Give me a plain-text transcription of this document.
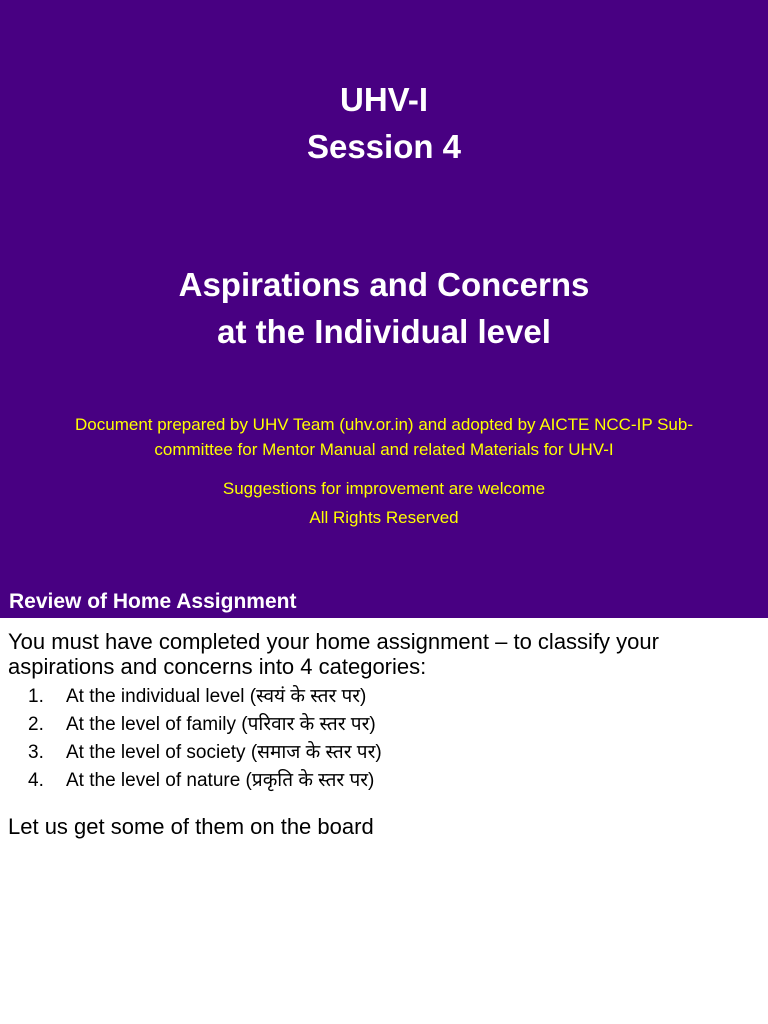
UHV-I
Session 4
Aspirations and Concerns
at the Individual level
Document prepared by UHV Team (uhv.or.in) and adopted by AICTE NCC-IP Sub-
committee for Mentor Manual and related Materials for UHV-I
Suggestions for improvement are welcome
All Rights Reserved
Review of Home Assignment
You must have completed your home assignment – to classify your aspirations and concerns into 4 categories:
1.	At the individual level (स्वयं के स्तर पर)
2.	At the level of family (परिवार के स्तर पर)
3.	At the level of society (समाज के स्तर पर)
4.	At the level of nature (प्रकृति के स्तर पर)
Let us get some of them on the board
